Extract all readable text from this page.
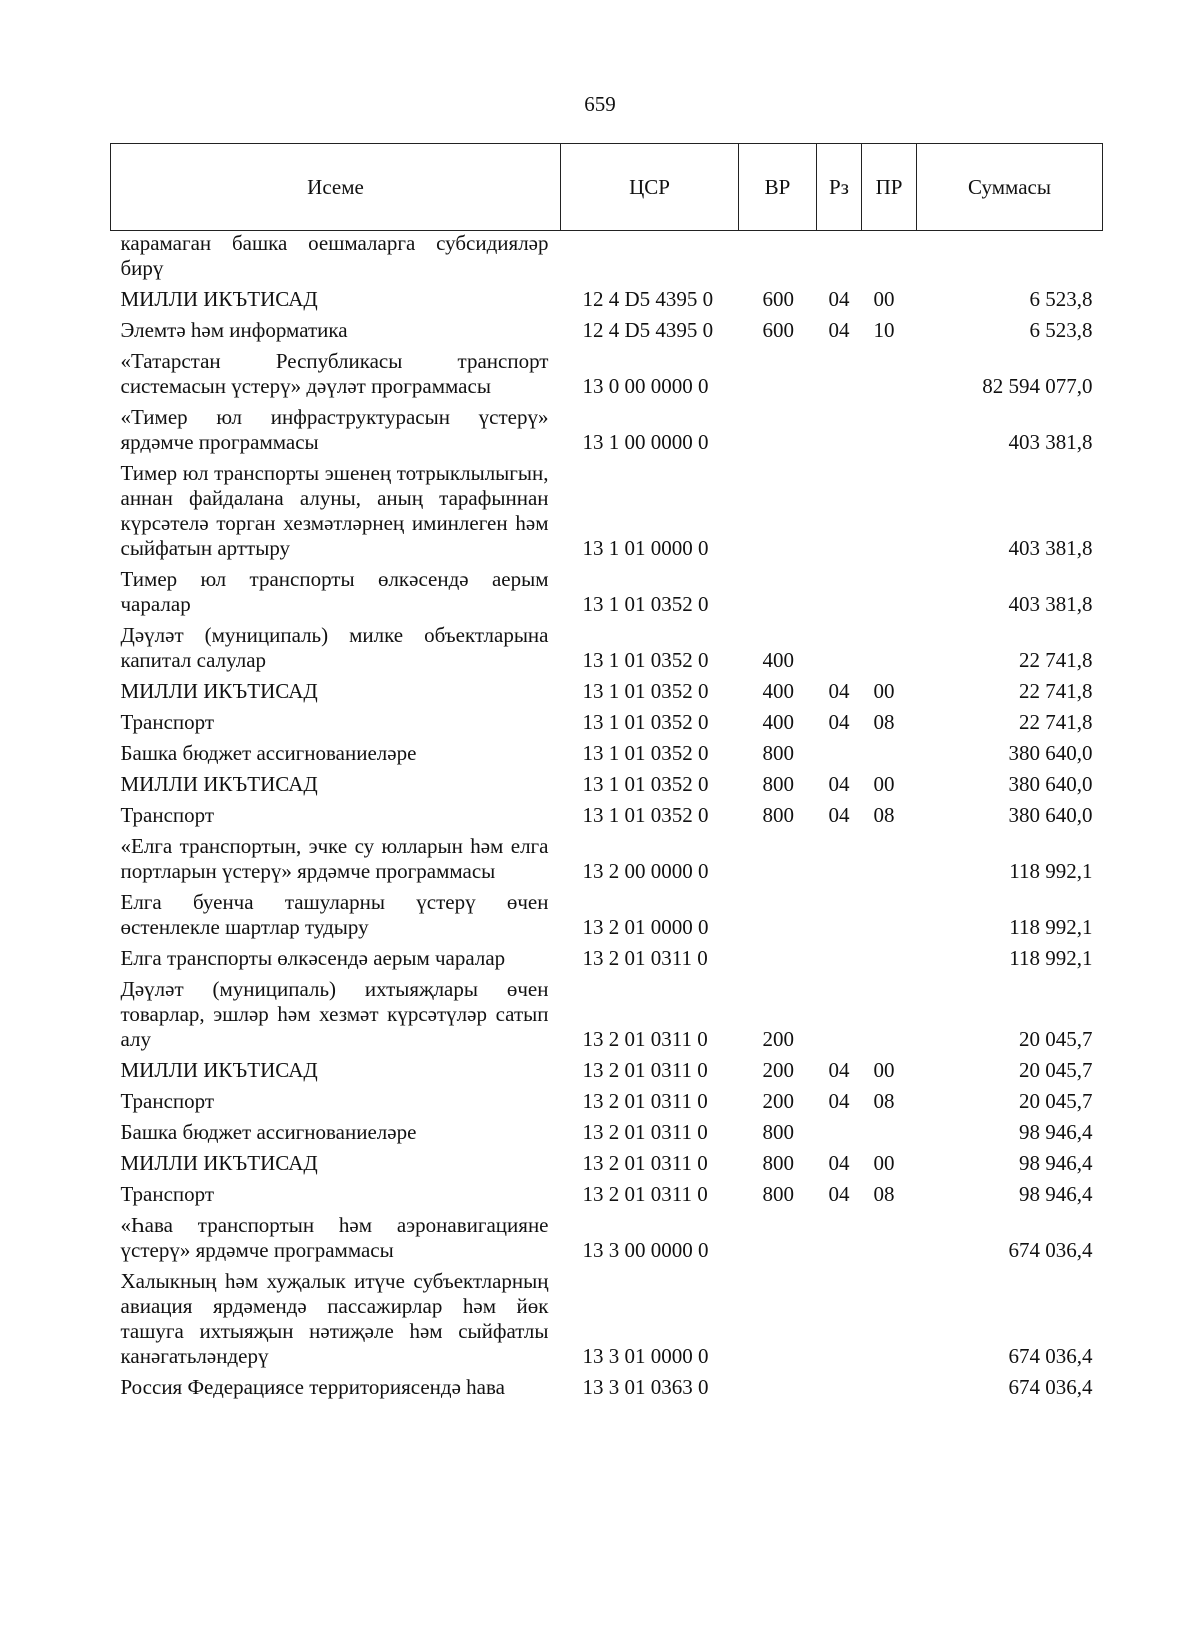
659
Исеме	ЦСР	ВР	Рз	ПР	Суммасы
карамаган башка оешмаларга субсидияләр бирү					
МИЛЛИ ИКЪТИСАД	12 4 D5 4395 0	600	04	00	6 523,8
Элемтә һәм информатика	12 4 D5 4395 0	600	04	10	6 523,8
«Татарстан Республикасы транспорт системасын үстерү» дәүләт программасы	13 0 00 0000 0				82 594 077,0
«Тимер юл инфраструктурасын үстерү» ярдәмче программасы	13 1 00 0000 0				403 381,8
Тимер юл транспорты эшенең тотрыклылыгын, аннан файдалана алуны, аның тарафыннан күрсәтелә торган хезмәтләрнең иминлеген һәм сыйфатын арттыру	13 1 01 0000 0				403 381,8
Тимер юл транспорты өлкәсендә аерым чаралар	13 1 01 0352 0				403 381,8
Дәүләт (муниципаль) милке объектларына капитал салулар	13 1 01 0352 0	400			22 741,8
МИЛЛИ ИКЪТИСАД	13 1 01 0352 0	400	04	00	22 741,8
Транспорт	13 1 01 0352 0	400	04	08	22 741,8
Башка бюджет ассигнованиеләре	13 1 01 0352 0	800			380 640,0
МИЛЛИ ИКЪТИСАД	13 1 01 0352 0	800	04	00	380 640,0
Транспорт	13 1 01 0352 0	800	04	08	380 640,0
«Елга транспортын, эчке су юлларын һәм елга портларын үстерү» ярдәмче программасы	13 2 00 0000 0				118 992,1
Елга буенча ташуларны үстерү өчен өстенлекле шартлар тудыру	13 2 01 0000 0				118 992,1
Елга транспорты өлкәсендә аерым чаралар	13 2 01 0311 0				118 992,1
Дәүләт (муниципаль) ихтыяҗлары өчен товарлар, эшләр һәм хезмәт күрсәтүләр сатып алу	13 2 01 0311 0	200			20 045,7
МИЛЛИ ИКЪТИСАД	13 2 01 0311 0	200	04	00	20 045,7
Транспорт	13 2 01 0311 0	200	04	08	20 045,7
Башка бюджет ассигнованиеләре	13 2 01 0311 0	800			98 946,4
МИЛЛИ ИКЪТИСАД	13 2 01 0311 0	800	04	00	98 946,4
Транспорт	13 2 01 0311 0	800	04	08	98 946,4
«Һава транспортын һәм аэронавигацияне үстерү» ярдәмче программасы	13 3 00 0000 0				674 036,4
Халыкның һәм хуҗалык итүче субъектларның авиация ярдәмендә пассажирлар һәм йөк ташуга ихтыяҗын нәтиҗәле һәм сыйфатлы канәгатьләндерү	13 3 01 0000 0				674 036,4
Россия Федерациясе территориясендә һава	13 3 01 0363 0				674 036,4
